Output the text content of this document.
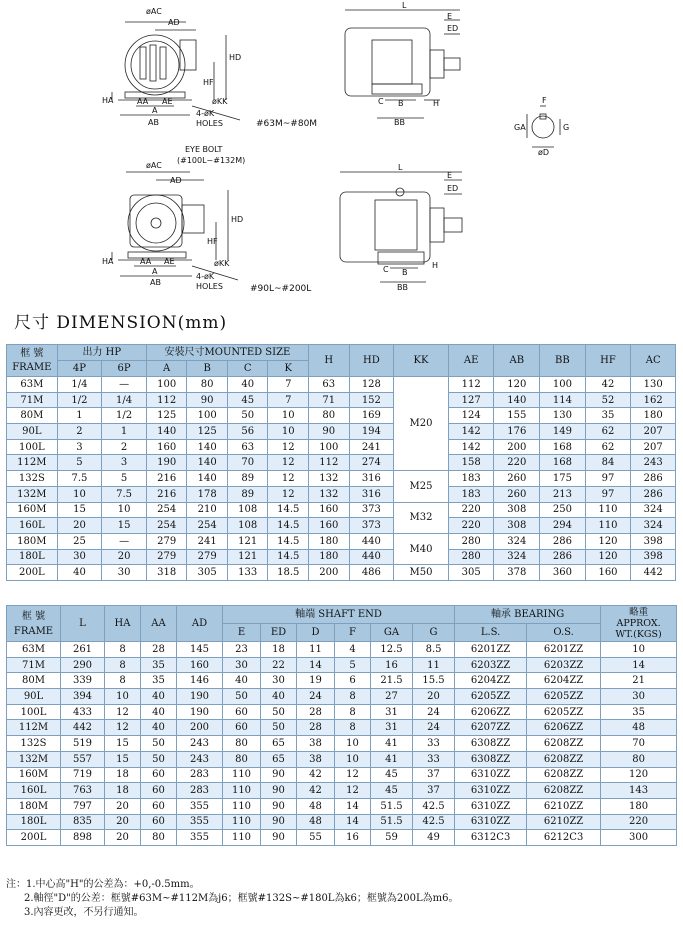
øAC
AD
HD
HF
HA	AA AE
A
AB
øKK
4-øK
HOLES	#63M~#80M
L
E
ED
C B
BB
H	F
GA	G
øD
EYE BOLT
(#100L~#132M)
øAC
AD
HD
HF
HA	AA AE
A
AB
øKK
4-øK
HOLES	#90L~#200L
L
E
ED
C B
BB
H
尺寸 DIMENSION(mm)
框 號
FRAME	出力 HP		安裝尺寸MOUNTED SIZE				H	HD	KK	AE	AB	BB	HF	AC
	4P	6P	A	B	C	K								
63M	1/4	—	100	80	40	7	63	128	M20	112	120	100	42	130
71M	1/2	1/4	112	90	45	7	71	152		127	140	114	52	162
80M	1	1/2	125	100	50	10	80	169		124	155	130	35	180
90L	2	1	140	125	56	10	90	194		142	176	149	62	207
100L	3	2	160	140	63	12	100	241		142	200	168	62	207
112M	5	3	190	140	70	12	112	274		158	220	168	84	243
132S	7.5	5	216	140	89	12	132	316	M25	183	260	175	97	286
132M	10	7.5	216	178	89	12	132	316		183	260	213	97	286
160M	15	10	254	210	108	14.5	160	373	M32	220	308	250	110	324
160L	20	15	254	254	108	14.5	160	373		220	308	294	110	324
180M	25	—	279	241	121	14.5	180	440	M40	280	324	286	120	398
180L	30	20	279	279	121	14.5	180	440		280	324	286	120	398
200L	40	30	318	305	133	18.5	200	486	M50	305	378	360	160	442
框 號
FRAME	L	HA	AA	AD	軸端 SHAFT END						軸承 BEARING		略重
APPROX.
WT.(KGS)
					E	ED	D	F	GA	G	L.S.	O.S.	
63M	261	8	28	145	23	18	11	4	12.5	8.5	6201ZZ	6201ZZ	10
71M	290	8	35	160	30	22	14	5	16	11	6203ZZ	6203ZZ	14
80M	339	8	35	146	40	30	19	6	21.5	15.5	6204ZZ	6204ZZ	21
90L	394	10	40	190	50	40	24	8	27	20	6205ZZ	6205ZZ	30
100L	433	12	40	190	60	50	28	8	31	24	6206ZZ	6205ZZ	35
112M	442	12	40	200	60	50	28	8	31	24	6207ZZ	6206ZZ	48
132S	519	15	50	243	80	65	38	10	41	33	6308ZZ	6208ZZ	70
132M	557	15	50	243	80	65	38	10	41	33	6308ZZ	6208ZZ	80
160M	719	18	60	283	110	90	42	12	45	37	6310ZZ	6208ZZ	120
160L	763	18	60	283	110	90	42	12	45	37	6310ZZ	6208ZZ	143
180M	797	20	60	355	110	90	48	14	51.5	42.5	6310ZZ	6210ZZ	180
180L	835	20	60	355	110	90	48	14	51.5	42.5	6310ZZ	6210ZZ	220
200L	898	20	80	355	110	90	55	16	59	49	6312C3	6212C3	300
注：1.中心高"H"的公差為：+0,-0.5mm。
2.軸徑"D"的公差：框號#63M~#112M為j6；框號#132S~#180L為k6；框號為200L為m6。
3.內容更改，不另行通知。
